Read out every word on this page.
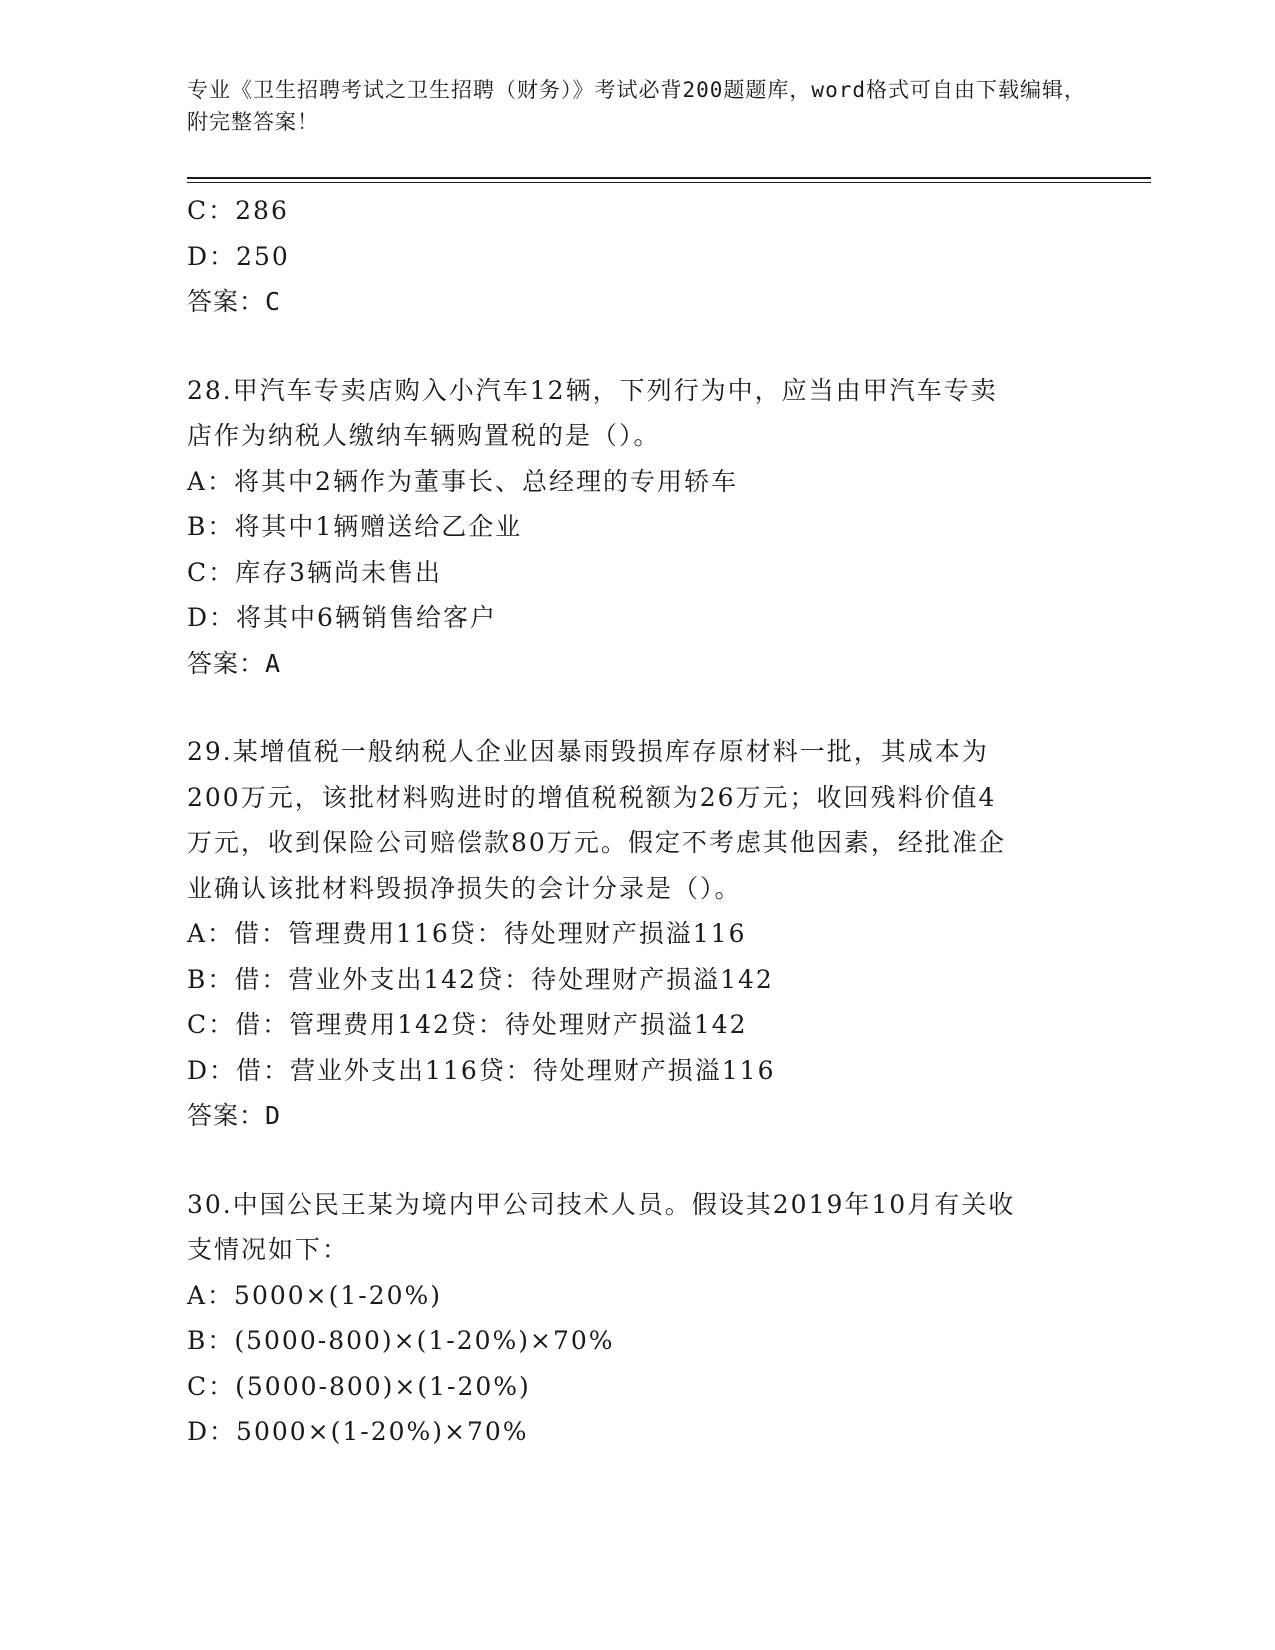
专业《卫生招聘考试之卫生招聘（财务）》考试必背200题题库，word格式可自由下载编辑，附完整答案！
C：286
D：250
答案：C
28.甲汽车专卖店购入小汽车12辆，下列行为中，应当由甲汽车专卖
店作为纳税人缴纳车辆购置税的是（）。
A：将其中2辆作为董事长、总经理的专用轿车
B：将其中1辆赠送给乙企业
C：库存3辆尚未售出
D：将其中6辆销售给客户
答案：A
29.某增值税一般纳税人企业因暴雨毁损库存原材料一批，其成本为
200万元，该批材料购进时的增值税税额为26万元；收回残料价值4
万元，收到保险公司赔偿款80万元。假定不考虑其他因素，经批准企
业确认该批材料毁损净损失的会计分录是（）。
A：借：管理费用116贷：待处理财产损溢116
B：借：营业外支出142贷：待处理财产损溢142
C：借：管理费用142贷：待处理财产损溢142
D：借：营业外支出116贷：待处理财产损溢116
答案：D
30.中国公民王某为境内甲公司技术人员。假设其2019年10月有关收
支情况如下：
A：5000×(1-20%)
B：(5000-800)×(1-20%)×70%
C：(5000-800)×(1-20%)
D：5000×(1-20%)×70%
